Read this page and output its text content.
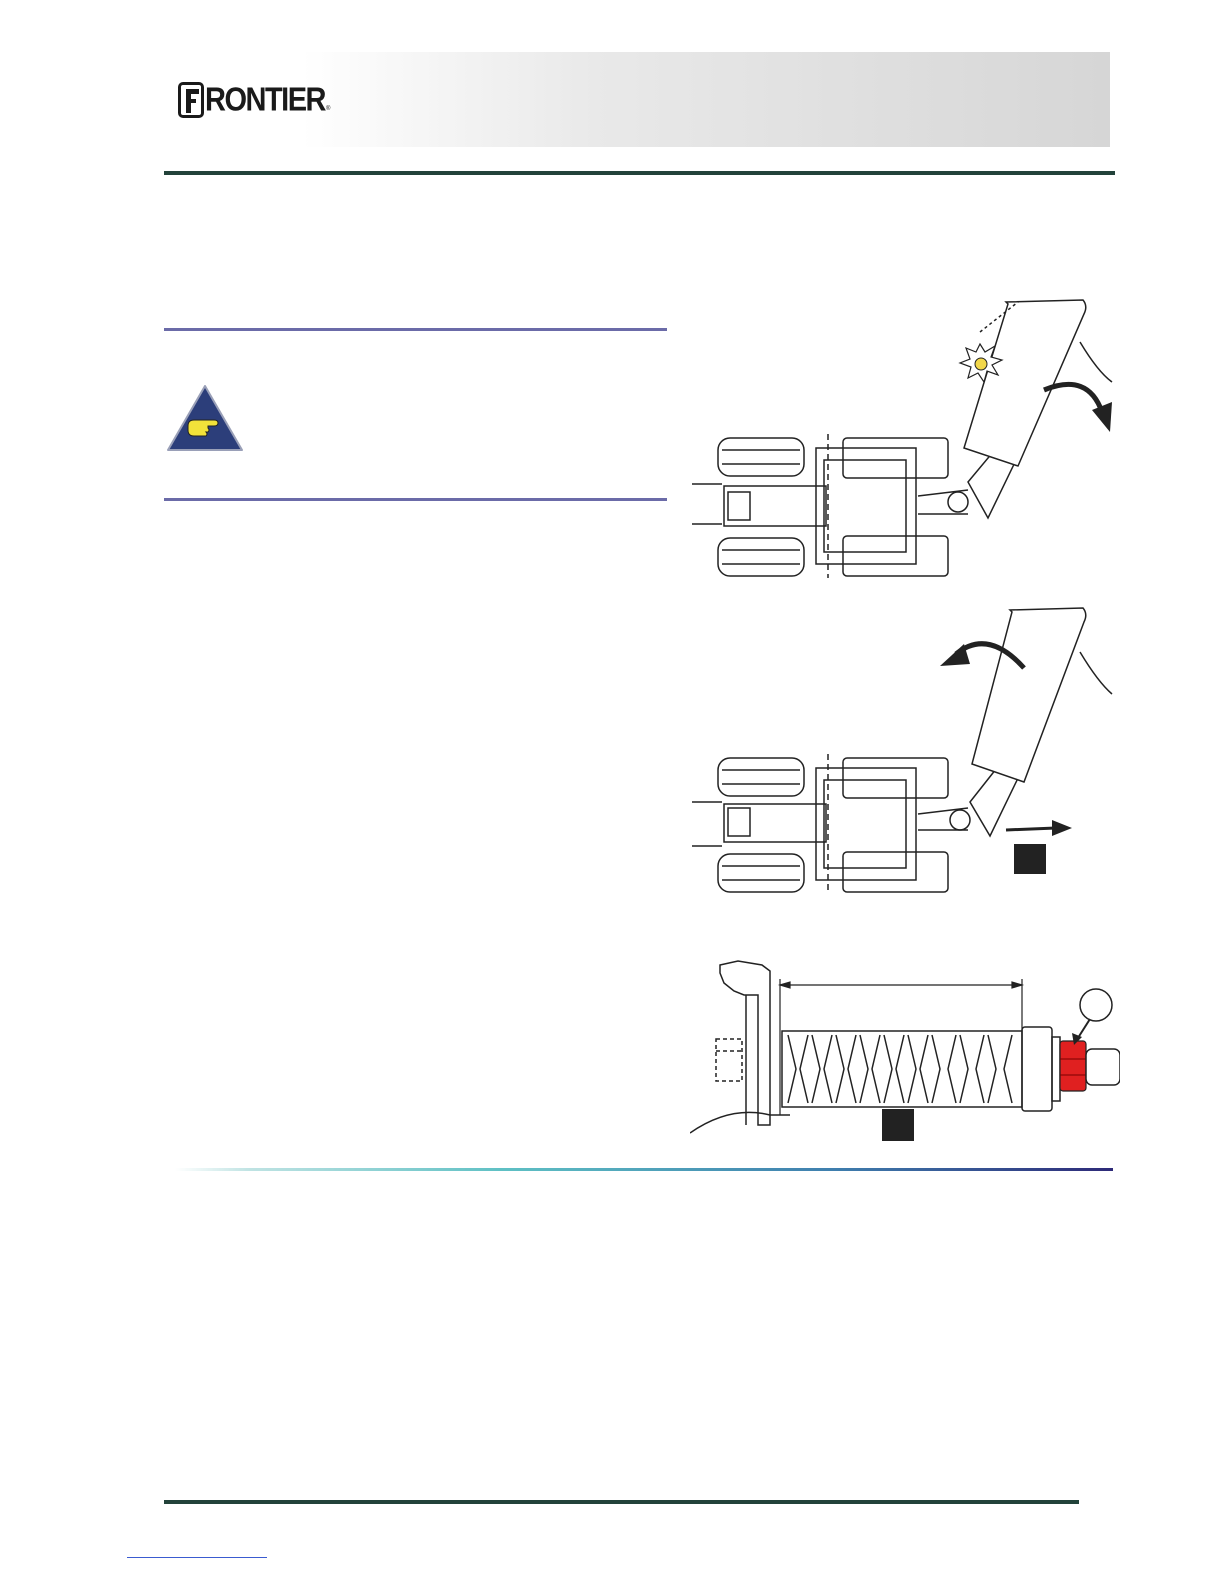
RONTIER ®
